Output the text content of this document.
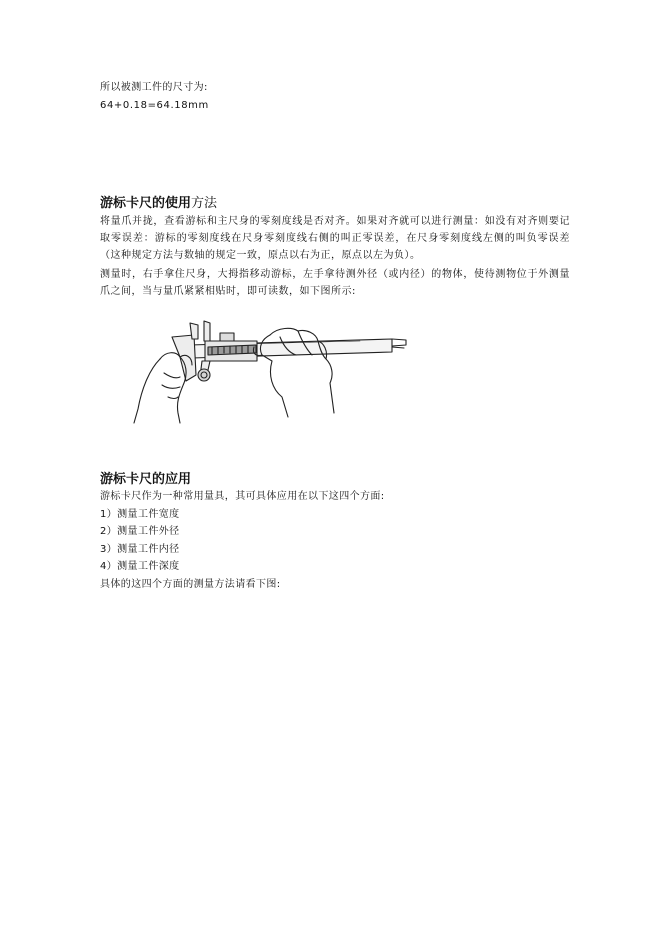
所以被测工件的尺寸为:
64+0.18=64.18mm
游标卡尺的使用方法
将量爪并拢，查看游标和主尺身的零刻度线是否对齐。如果对齐就可以进行测量：如没有对齐则要记取零误差：游标的零刻度线在尺身零刻度线右侧的叫正零误差，在尺身零刻度线左侧的叫负零误差（这种规定方法与数轴的规定一致，原点以右为正，原点以左为负）。
测量时，右手拿住尺身，大拇指移动游标，左手拿待测外径（或内径）的物体，使待测物位于外测量爪之间，当与量爪紧紧相贴时，即可读数，如下图所示:
游标卡尺的应用
游标卡尺作为一种常用量具，其可具体应用在以下这四个方面:
1）测量工件宽度
2）测量工件外径
3）测量工件内径
4）测量工件深度
具体的这四个方面的测量方法请看下图:
